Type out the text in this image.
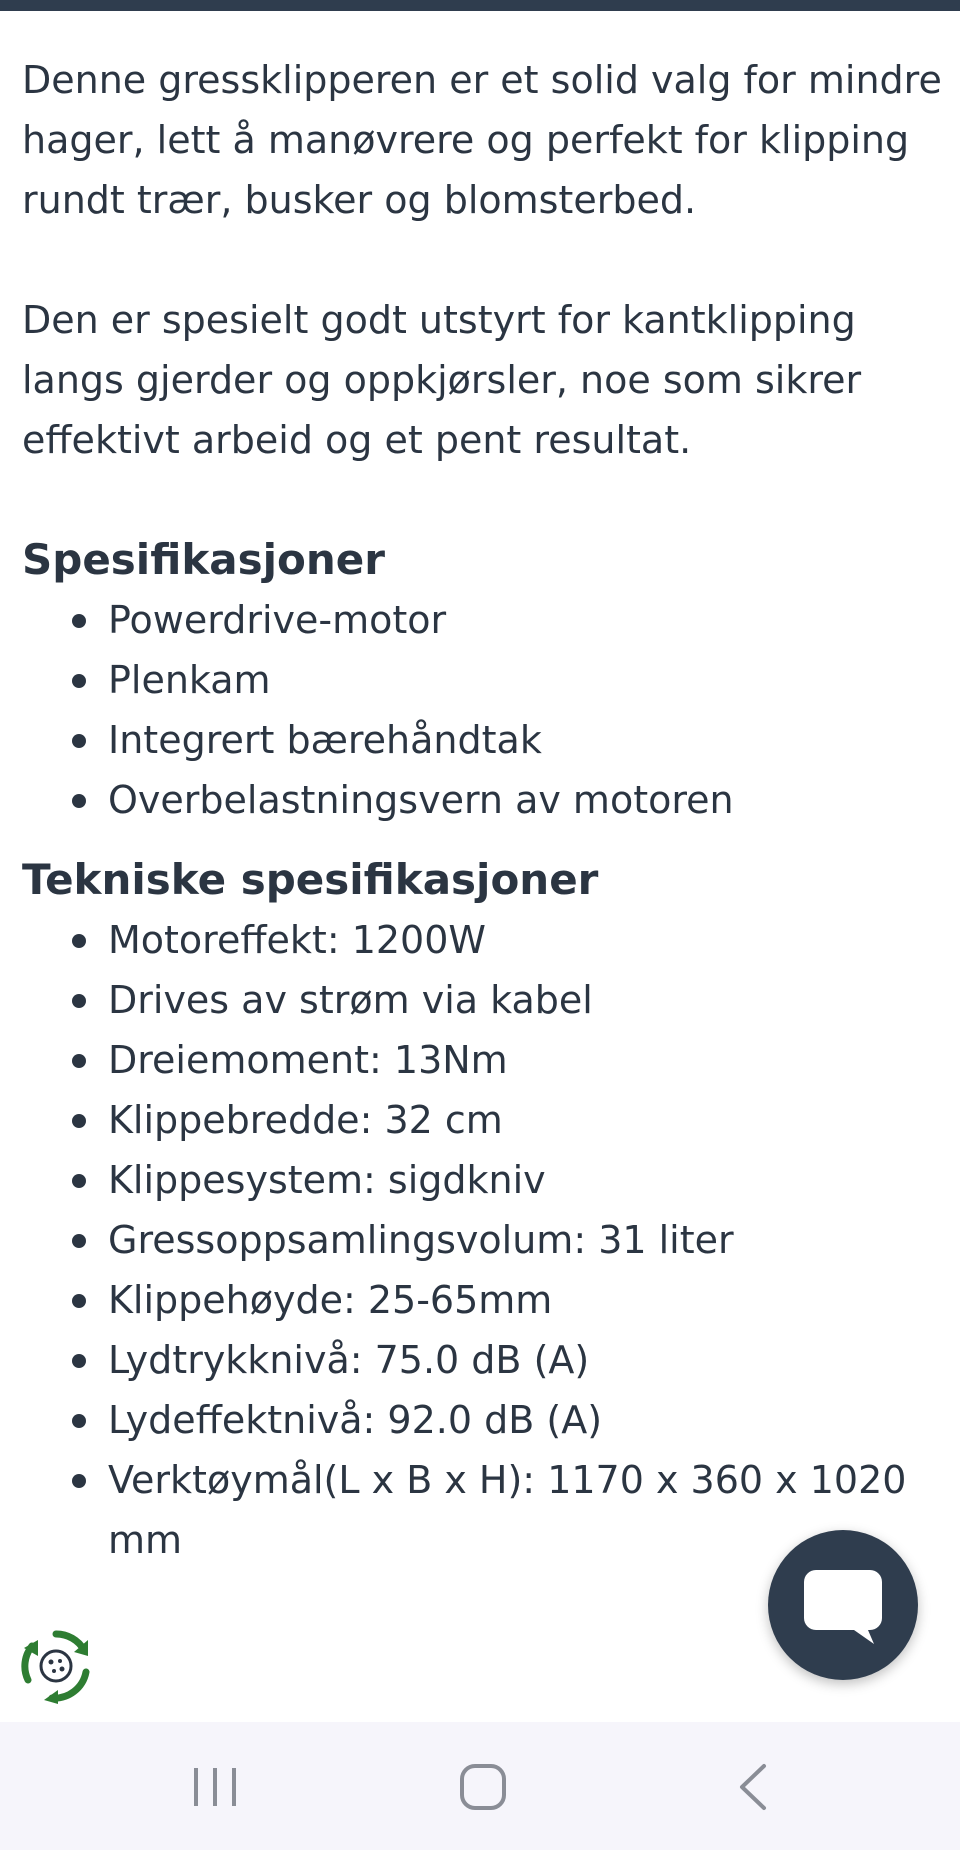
Denne gressklipperen er et solid valg for mindre hager, lett å manøvrere og perfekt for klipping rundt trær, busker og blomsterbed.

Den er spesielt godt utstyrt for kantklipping langs gjerder og oppkjørsler, noe som sikrer effektivt arbeid og et pent resultat.

Spesifikasjoner
Powerdrive-motor
Plenkam
Integrert bærehåndtak
Overbelastningsvern av motoren
Tekniske spesifikasjoner
Motoreffekt: 1200W
Drives av strøm via kabel
Dreiemoment: 13Nm
Klippebredde: 32 cm
Klippesystem: sigdkniv
Gressoppsamlingsvolum: 31 liter
Klippehøyde: 25-65mm
Lydtrykknivå: 75.0 dB (A)
Lydeffektnivå: 92.0 dB (A)
Verktøymål(L x B x H): 1170 x 360 x 1020 mm
